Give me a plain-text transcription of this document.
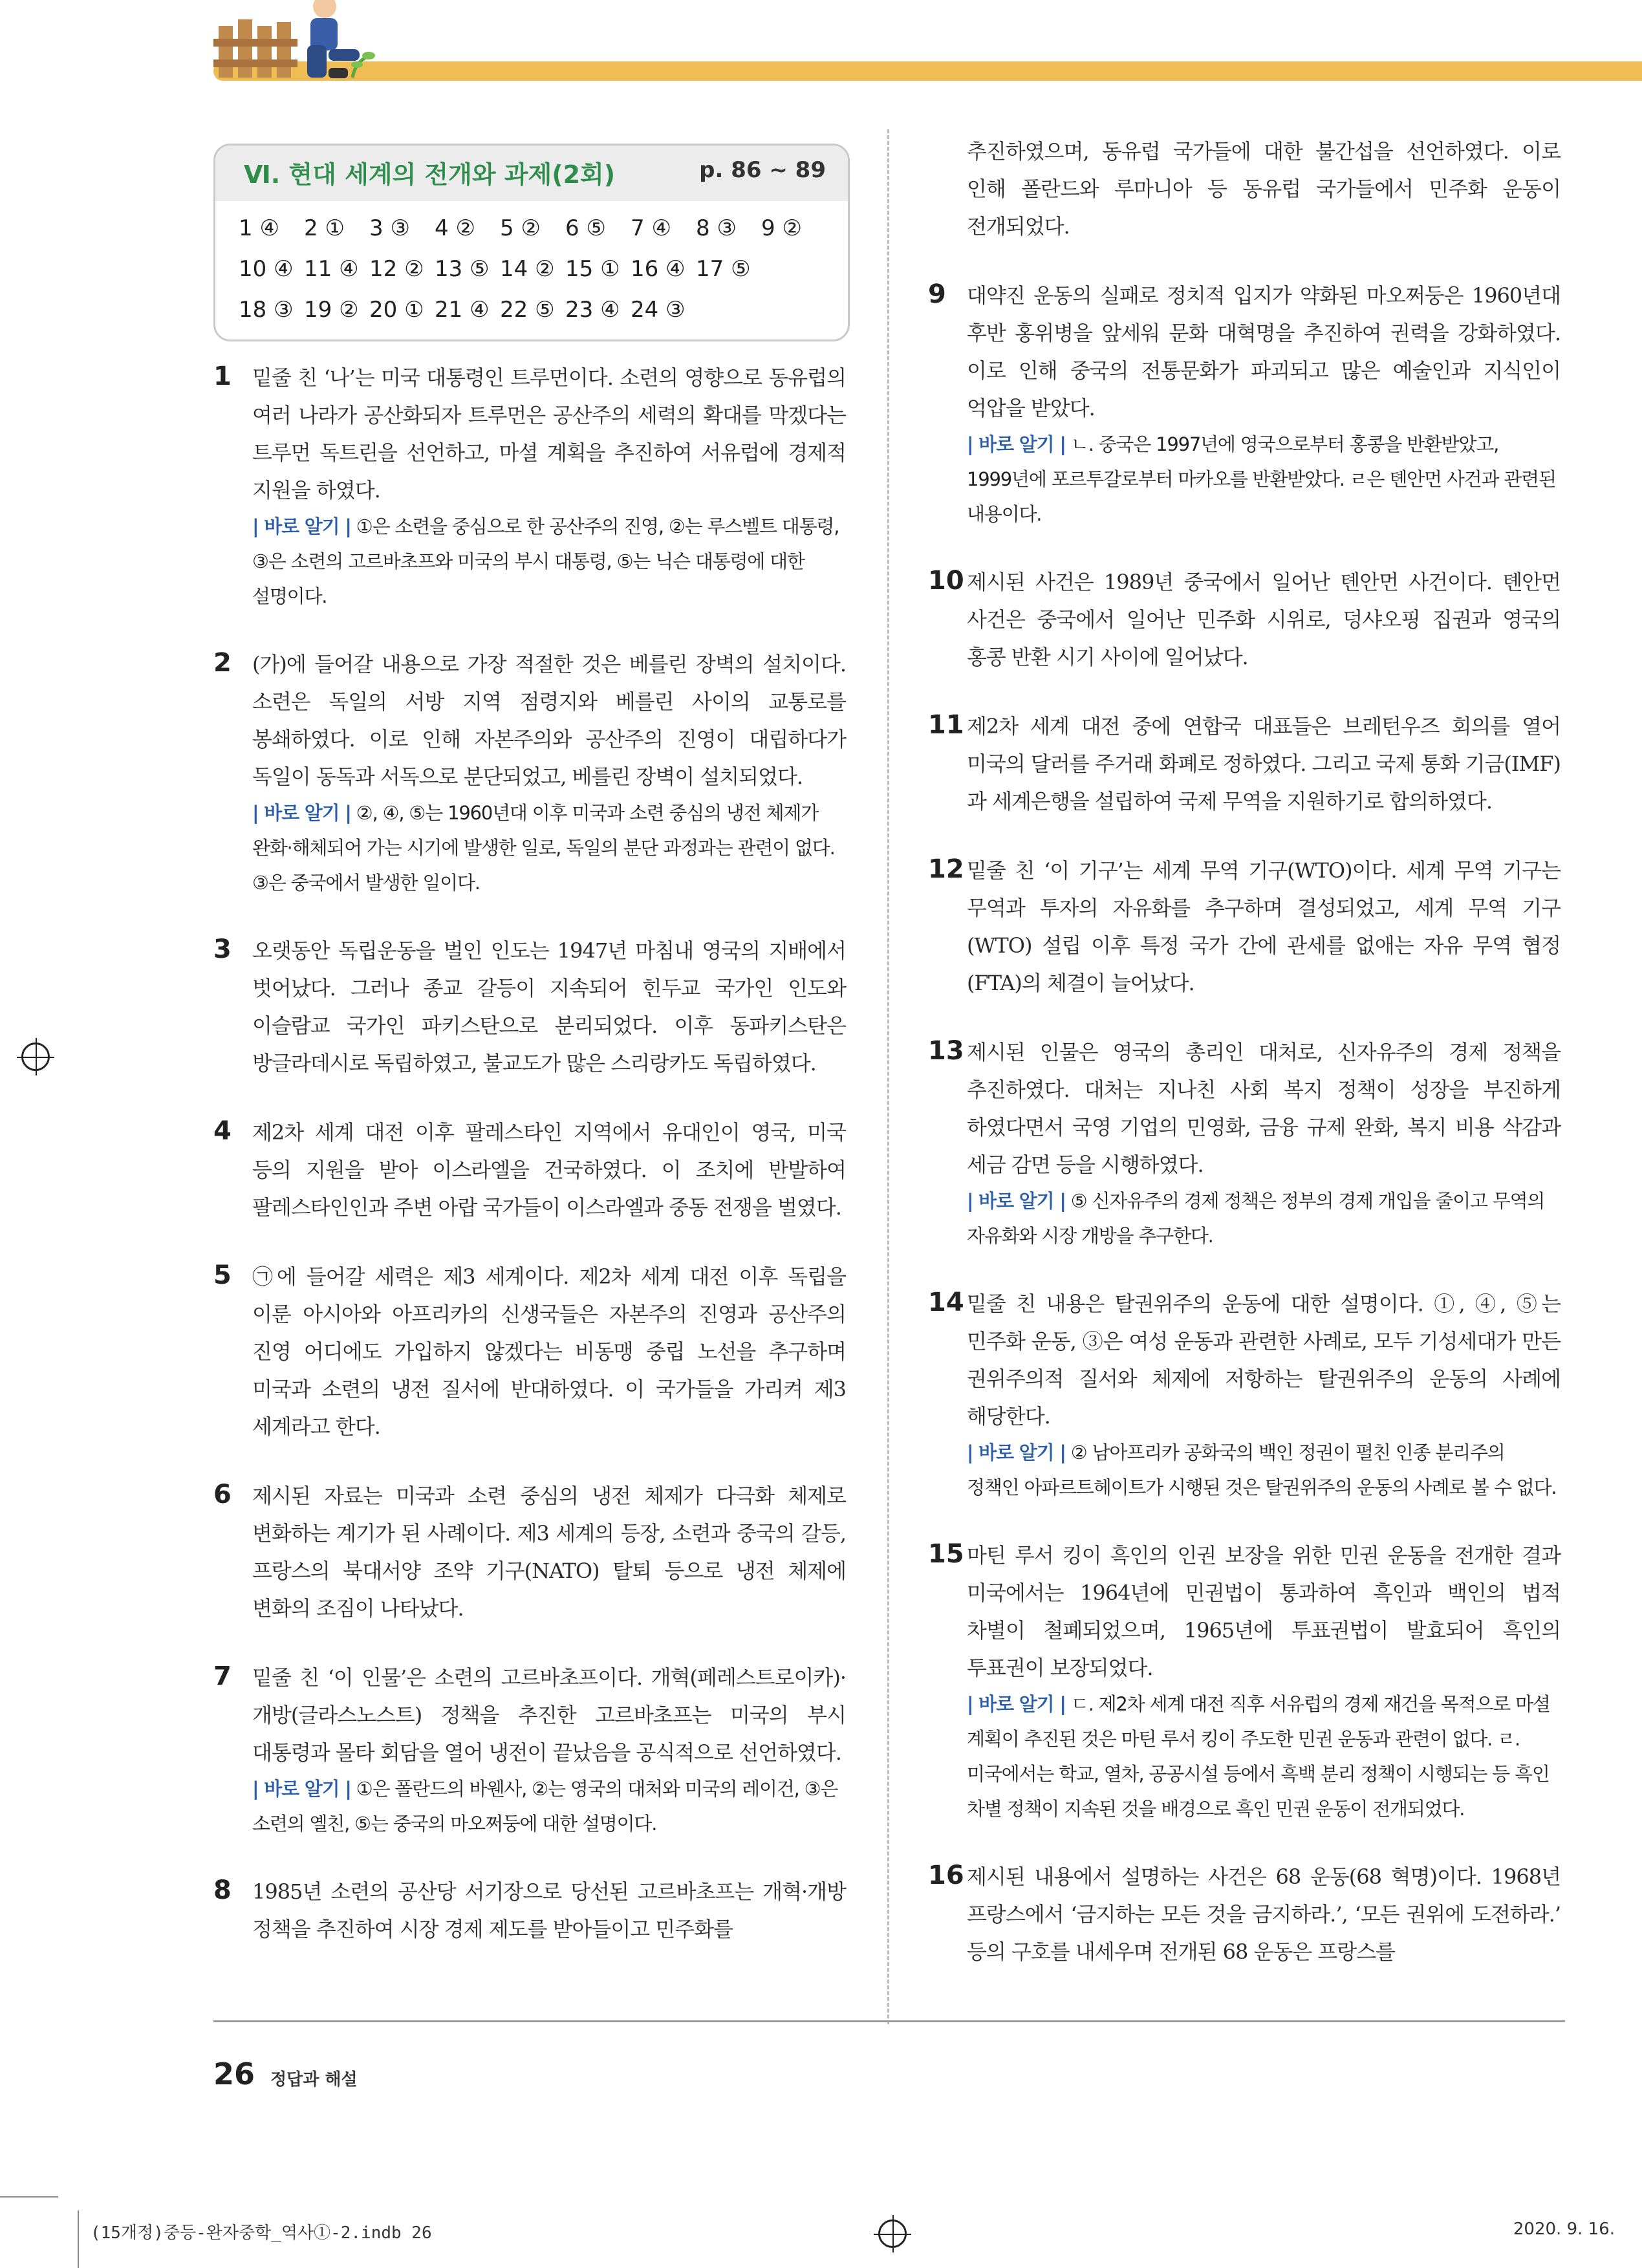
Ⅵ. 현대 세계의 전개와 과제(2회)	p. 86 ~ 89
1 ④	2 ①	3 ③	4 ②	5 ②	6 ⑤	7 ④	8 ③	9 ②
10 ④ 11 ④ 12 ② 13 ⑤ 14 ② 15 ① 16 ④ 17 ⑤
18 ③ 19 ② 20 ① 21 ④ 22 ⑤ 23 ④ 24 ③
1 밑줄 친 ‘나’는 미국 대통령인 트루먼이다. 소련의 영향으로 동유럽의 여러 나라가 공산화되자 트루먼은 공산주의 세력의 확대를 막겠다는 트루먼 독트린을 선언하고, 마셜 계획을 추진하여 서유럽에 경제적 지원을 하였다.
| 바로 알기 | ①은 소련을 중심으로 한 공산주의 진영, ②는 루스벨트 대통령, ③은 소련의 고르바초프와 미국의 부시 대통령, ⑤는 닉슨 대통령에 대한 설명이다.
2 (가)에 들어갈 내용으로 가장 적절한 것은 베를린 장벽의 설치이다. 소련은 독일의 서방 지역 점령지와 베를린 사이의 교통로를 봉쇄하였다. 이로 인해 자본주의와 공산주의 진영이 대립하다가 독일이 동독과 서독으로 분단되었고, 베를린 장벽이 설치되었다.
| 바로 알기 | ②, ④, ⑤는 1960년대 이후 미국과 소련 중심의 냉전 체제가 완화·해체되어 가는 시기에 발생한 일로, 독일의 분단 과정과는 관련이 없다. ③은 중국에서 발생한 일이다.
3 오랫동안 독립운동을 벌인 인도는 1947년 마침내 영국의 지배에서 벗어났다. 그러나 종교 갈등이 지속되어 힌두교 국가인 인도와 이슬람교 국가인 파키스탄으로 분리되었다. 이후 동파키스탄은 방글라데시로 독립하였고, 불교도가 많은 스리랑카도 독립하였다.
4 제2차 세계 대전 이후 팔레스타인 지역에서 유대인이 영국, 미국 등의 지원을 받아 이스라엘을 건국하였다. 이 조치에 반발하여 팔레스타인인과 주변 아랍 국가들이 이스라엘과 중동 전쟁을 벌였다.
5 ㉠에 들어갈 세력은 제3 세계이다. 제2차 세계 대전 이후 독립을 이룬 아시아와 아프리카의 신생국들은 자본주의 진영과 공산주의 진영 어디에도 가입하지 않겠다는 비동맹 중립 노선을 추구하며 미국과 소련의 냉전 질서에 반대하였다. 이 국가들을 가리켜 제3 세계라고 한다.
6 제시된 자료는 미국과 소련 중심의 냉전 체제가 다극화 체제로 변화하는 계기가 된 사례이다. 제3 세계의 등장, 소련과 중국의 갈등, 프랑스의 북대서양 조약 기구(NATO) 탈퇴 등으로 냉전 체제에 변화의 조짐이 나타났다.
7 밑줄 친 ‘이 인물’은 소련의 고르바초프이다. 개혁(페레스트로이카)·개방(글라스노스트) 정책을 추진한 고르바초프는 미국의 부시 대통령과 몰타 회담을 열어 냉전이 끝났음을 공식적으로 선언하였다.
| 바로 알기 | ①은 폴란드의 바웬사, ②는 영국의 대처와 미국의 레이건, ③은 소련의 옐친, ⑤는 중국의 마오쩌둥에 대한 설명이다.
8 1985년 소련의 공산당 서기장으로 당선된 고르바초프는 개혁·개방 정책을 추진하여 시장 경제 제도를 받아들이고 민주화를
추진하였으며, 동유럽 국가들에 대한 불간섭을 선언하였다. 이로 인해 폴란드와 루마니아 등 동유럽 국가들에서 민주화 운동이 전개되었다.
9 대약진 운동의 실패로 정치적 입지가 약화된 마오쩌둥은 1960년대 후반 홍위병을 앞세워 문화 대혁명을 추진하여 권력을 강화하였다. 이로 인해 중국의 전통문화가 파괴되고 많은 예술인과 지식인이 억압을 받았다.
| 바로 알기 | ㄴ. 중국은 1997년에 영국으로부터 홍콩을 반환받았고, 1999년에 포르투갈로부터 마카오를 반환받았다. ㄹ은 톈안먼 사건과 관련된 내용이다.
10 제시된 사건은 1989년 중국에서 일어난 톈안먼 사건이다. 톈안먼 사건은 중국에서 일어난 민주화 시위로, 덩샤오핑 집권과 영국의 홍콩 반환 시기 사이에 일어났다.
11 제2차 세계 대전 중에 연합국 대표들은 브레턴우즈 회의를 열어 미국의 달러를 주거래 화폐로 정하였다. 그리고 국제 통화 기금(IMF)과 세계은행을 설립하여 국제 무역을 지원하기로 합의하였다.
12 밑줄 친 ‘이 기구’는 세계 무역 기구(WTO)이다. 세계 무역 기구는 무역과 투자의 자유화를 추구하며 결성되었고, 세계 무역 기구(WTO) 설립 이후 특정 국가 간에 관세를 없애는 자유 무역 협정(FTA)의 체결이 늘어났다.
13 제시된 인물은 영국의 총리인 대처로, 신자유주의 경제 정책을 추진하였다. 대처는 지나친 사회 복지 정책이 성장을 부진하게 하였다면서 국영 기업의 민영화, 금융 규제 완화, 복지 비용 삭감과 세금 감면 등을 시행하였다.
| 바로 알기 | ⑤ 신자유주의 경제 정책은 정부의 경제 개입을 줄이고 무역의 자유화와 시장 개방을 추구한다.
14 밑줄 친 내용은 탈권위주의 운동에 대한 설명이다. ①, ④, ⑤는 민주화 운동, ③은 여성 운동과 관련한 사례로, 모두 기성세대가 만든 권위주의적 질서와 체제에 저항하는 탈권위주의 운동의 사례에 해당한다.
| 바로 알기 | ② 남아프리카 공화국의 백인 정권이 펼친 인종 분리주의 정책인 아파르트헤이트가 시행된 것은 탈권위주의 운동의 사례로 볼 수 없다.
15 마틴 루서 킹이 흑인의 인권 보장을 위한 민권 운동을 전개한 결과 미국에서는 1964년에 민권법이 통과하여 흑인과 백인의 법적 차별이 철폐되었으며, 1965년에 투표권법이 발효되어 흑인의 투표권이 보장되었다.
| 바로 알기 | ㄷ. 제2차 세계 대전 직후 서유럽의 경제 재건을 목적으로 마셜 계획이 추진된 것은 마틴 루서 킹이 주도한 민권 운동과 관련이 없다. ㄹ. 미국에서는 학교, 열차, 공공시설 등에서 흑백 분리 정책이 시행되는 등 흑인 차별 정책이 지속된 것을 배경으로 흑인 민권 운동이 전개되었다.
16 제시된 내용에서 설명하는 사건은 68 운동(68 혁명)이다. 1968년 프랑스에서 ‘금지하는 모든 것을 금지하라.’, ‘모든 권위에 도전하라.’ 등의 구호를 내세우며 전개된 68 운동은 프랑스를
26 정답과 해설
(15개정)중등-완자중학_역사①-2.indb 26	2020. 9. 16.
